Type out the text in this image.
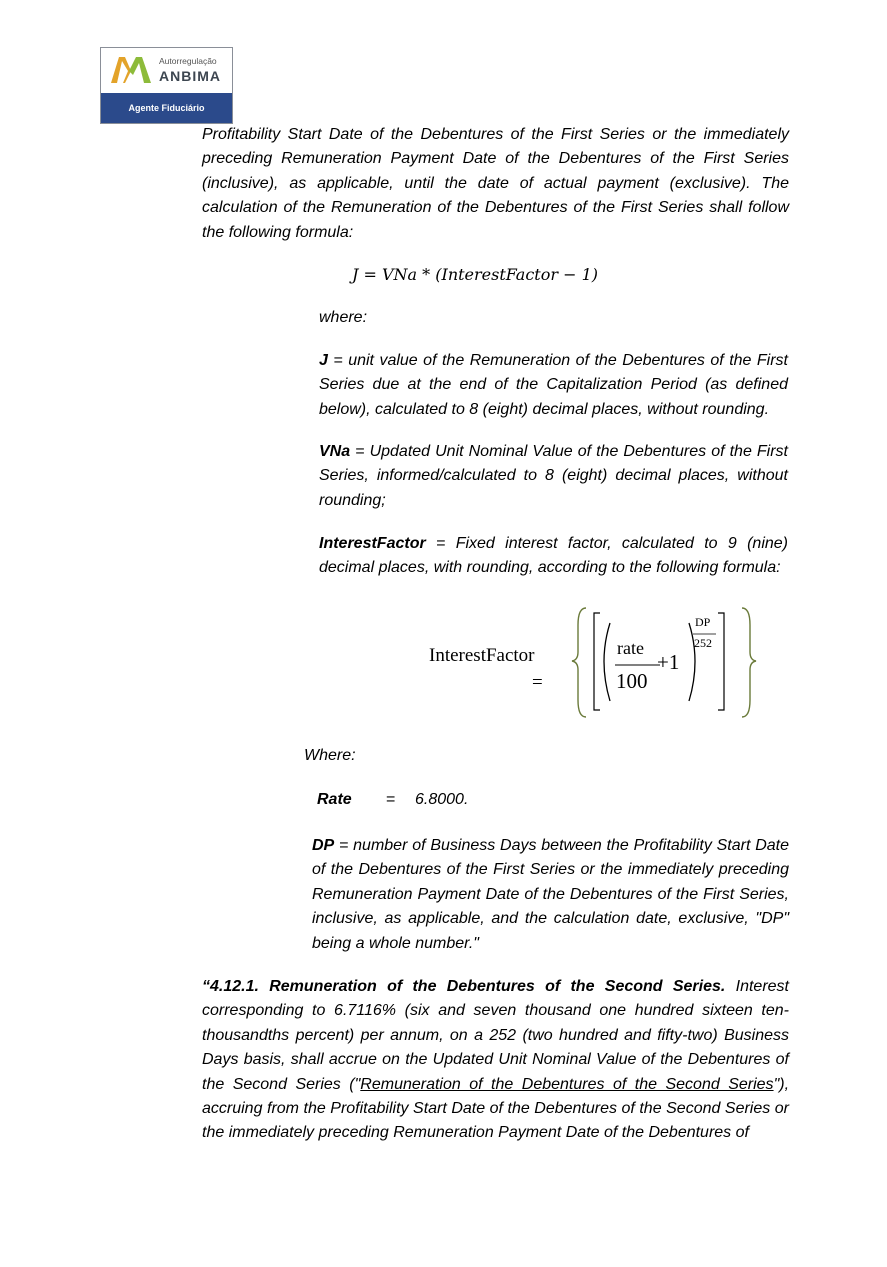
Autorregulação
ANBIMA
Agente Fiduciário

Profitability Start Date of the Debentures of the First Series or the immediately preceding Remuneration Payment Date of the Debentures of the First Series (inclusive), as applicable, until the date of actual payment (exclusive). The calculation of the Remuneration of the Debentures of the First Series shall follow the following formula:

J = VNa * (InterestFactor − 1)

where:

J = unit value of the Remuneration of the Debentures of the First Series due at the end of the Capitalization Period (as defined below), calculated to 8 (eight) decimal places, without rounding.

VNa = Updated Unit Nominal Value of the Debentures of the First Series, informed/calculated to 8 (eight) decimal places, without rounding;

InterestFactor = Fixed interest factor, calculated to 9 (nine) decimal places, with rounding, according to the following formula:

InterestFactor
=
rate
100
+1
DP
252

Where:

Rate = 6.8000.

DP = number of Business Days between the Profitability Start Date of the Debentures of the First Series or the immediately preceding Remuneration Payment Date of the Debentures of the First Series, inclusive, as applicable, and the calculation date, exclusive, "DP" being a whole number."

“4.12.1. Remuneration of the Debentures of the Second Series. Interest corresponding to 6.7116% (six and seven thousand one hundred sixteen ten-thousandths percent) per annum, on a 252 (two hundred and fifty-two) Business Days basis, shall accrue on the Updated Unit Nominal Value of the Debentures of the Second Series ("Remuneration of the Debentures of the Second Series"), accruing from the Profitability Start Date of the Debentures of the Second Series or the immediately preceding Remuneration Payment Date of the Debentures of
